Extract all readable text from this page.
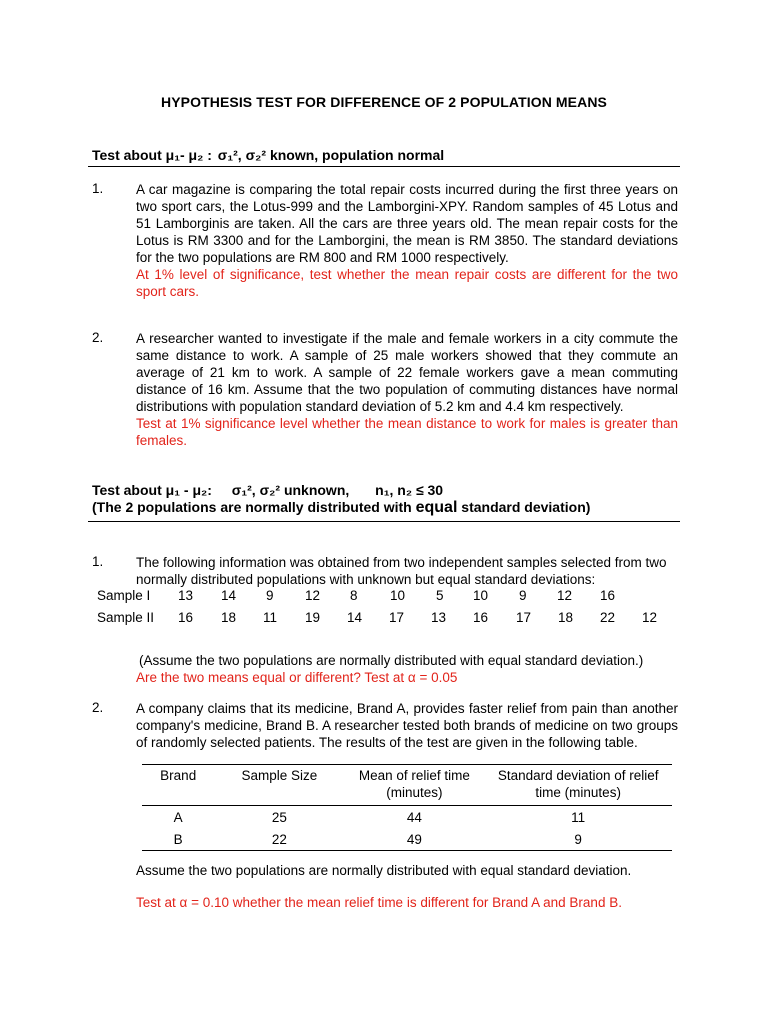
HYPOTHESIS TEST FOR DIFFERENCE OF 2 POPULATION MEANS
Test about μ₁- μ₂ : σ₁², σ₂² known, population normal
1. A car magazine is comparing the total repair costs incurred during the first three years on two sport cars, the Lotus-999 and the Lamborgini-XPY. Random samples of 45 Lotus and 51 Lamborginis are taken. All the cars are three years old. The mean repair costs for the Lotus is RM 3300 and for the Lamborgini, the mean is RM 3850. The standard deviations for the two populations are RM 800 and RM 1000 respectively.
At 1% level of significance, test whether the mean repair costs are different for the two sport cars.
2. A researcher wanted to investigate if the male and female workers in a city commute the same distance to work. A sample of 25 male workers showed that they commute an average of 21 km to work. A sample of 22 female workers gave a mean commuting distance of 16 km. Assume that the two population of commuting distances have normal distributions with population standard deviation of 5.2 km and 4.4 km respectively.
Test at 1% significance level whether the mean distance to work for males is greater than females.
Test about μ₁ - μ₂: σ₁², σ₂² unknown, n₁, n₂ ≤ 30
(The 2 populations are normally distributed with equal standard deviation)
1. The following information was obtained from two independent samples selected from two normally distributed populations with unknown but equal standard deviations:
Sample I 13 14 9 12 8 10 5 10 9 12 16
Sample II 16 18 11 19 14 17 13 16 17 18 22 12
(Assume the two populations are normally distributed with equal standard deviation.)
Are the two means equal or different? Test at α = 0.05
2. A company claims that its medicine, Brand A, provides faster relief from pain than another company's medicine, Brand B. A researcher tested both brands of medicine on two groups of randomly selected patients. The results of the test are given in the following table.
Brand	Sample Size	Mean of relief time (minutes)	Standard deviation of relief time (minutes)
A	25	44	11
B	22	49	9
Assume the two populations are normally distributed with equal standard deviation.
Test at α = 0.10 whether the mean relief time is different for Brand A and Brand B.
